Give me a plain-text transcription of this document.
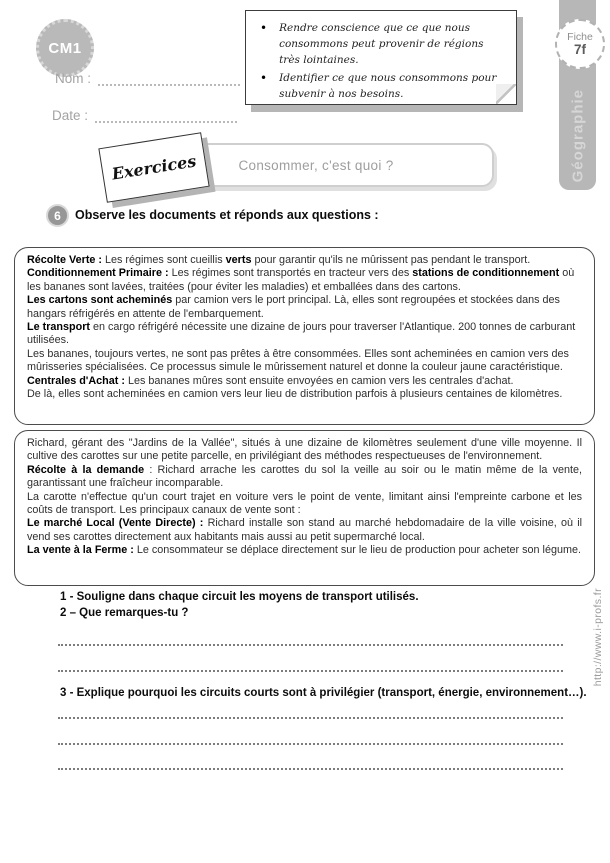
CM1
Nom :
Date :
• Rendre conscience que ce que nous consommons peut provenir de régions très lointaines.
• Identifier ce que nous consommons pour subvenir à nos besoins.	Géographie
Fiche
7f
Consommer, c'est quoi ?
Exercices
6	Observe les documents et réponds aux questions :

Récolte Verte : Les régimes sont cueillis verts pour garantir qu'ils ne mûrissent pas pendant le transport.

Conditionnement Primaire : Les régimes sont transportés en tracteur vers des stations de conditionnement où les bananes sont lavées, traitées (pour éviter les maladies) et emballées dans des cartons.

Les cartons sont acheminés par camion vers le port principal. Là, elles sont regroupées et stockées dans des hangars réfrigérés en attente de l'embarquement.

Le transport en cargo réfrigéré nécessite une dizaine de jours pour traverser l'Atlantique. 200 tonnes de carburant utilisées.

Les bananes, toujours vertes, ne sont pas prêtes à être consommées. Elles sont acheminées en camion vers des mûrisseries spécialisées. Ce processus simule le mûrissement naturel et donne la couleur jaune caractéristique.

Centrales d'Achat : Les bananes mûres sont ensuite envoyées en camion vers les centrales d'achat.

De là, elles sont acheminées en camion vers leur lieu de distribution parfois à plusieurs centaines de kilomètres.

Richard, gérant des "Jardins de la Vallée", situés à une dizaine de kilomètres seulement d'une ville moyenne. Il cultive des carottes sur une petite parcelle, en privilégiant des méthodes respectueuses de l'environnement.

Récolte à la demande : Richard arrache les carottes du sol la veille au soir ou le matin même de la vente, garantissant une fraîcheur incomparable.

La carotte n'effectue qu'un court trajet en voiture vers le point de vente, limitant ainsi l'empreinte carbone et les coûts de transport. Les principaux canaux de vente sont :

Le marché Local (Vente Directe) : Richard installe son stand au marché hebdomadaire de la ville voisine, où il vend ses carottes directement aux habitants mais aussi au petit supermarché local.

La vente à la Ferme : Le consommateur se déplace directement sur le lieu de production pour acheter son légume.

1 - Souligne dans chaque circuit les moyens de transport utilisés.
2 – Que remarques-tu ?
3 - Explique pourquoi les circuits courts sont à privilégier (transport, énergie, environnement…).
http://www.i-profs.fr
